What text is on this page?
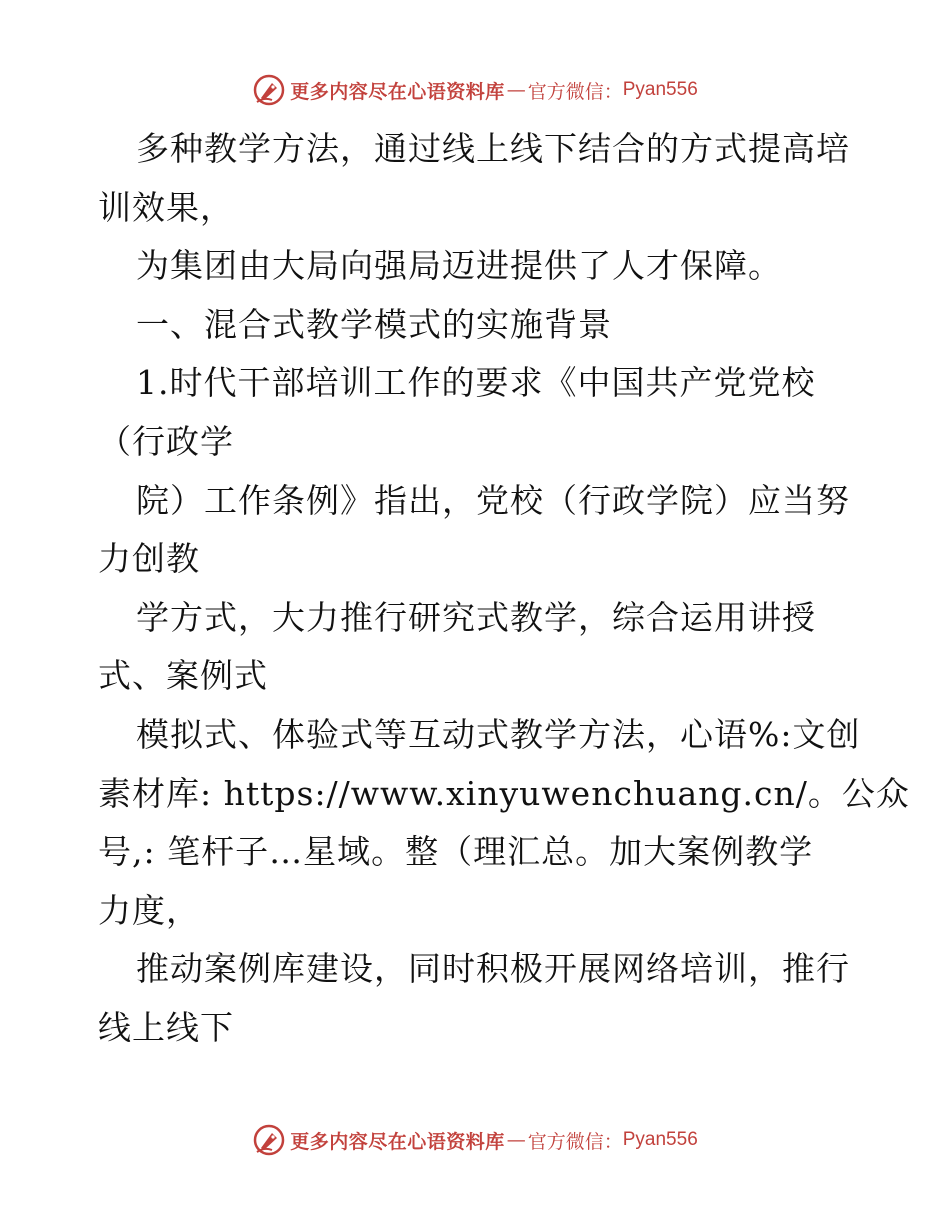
更多内容尽在心语资料库 — 官方微信： Pyan556
多种教学方法，通过线上线下结合的方式提高培
训效果，
为集团由大局向强局迈进提供了人才保障。
一、混合式教学模式的实施背景
1.时代干部培训工作的要求《中国共产党党校
（行政学
院）工作条例》指出，党校（行政学院）应当努
力创教
学方式，大力推行研究式教学，综合运用讲授
式、案例式
模拟式、体验式等互动式教学方法，心语%:文创
素材库: https://www.xinyuwenchuang.cn/。公众
号,: 笔杆子…星域。整（理汇总。加大案例教学
力度，
推动案例库建设，同时积极开展网络培训，推行
线上线下
更多内容尽在心语资料库 — 官方微信： Pyan556
